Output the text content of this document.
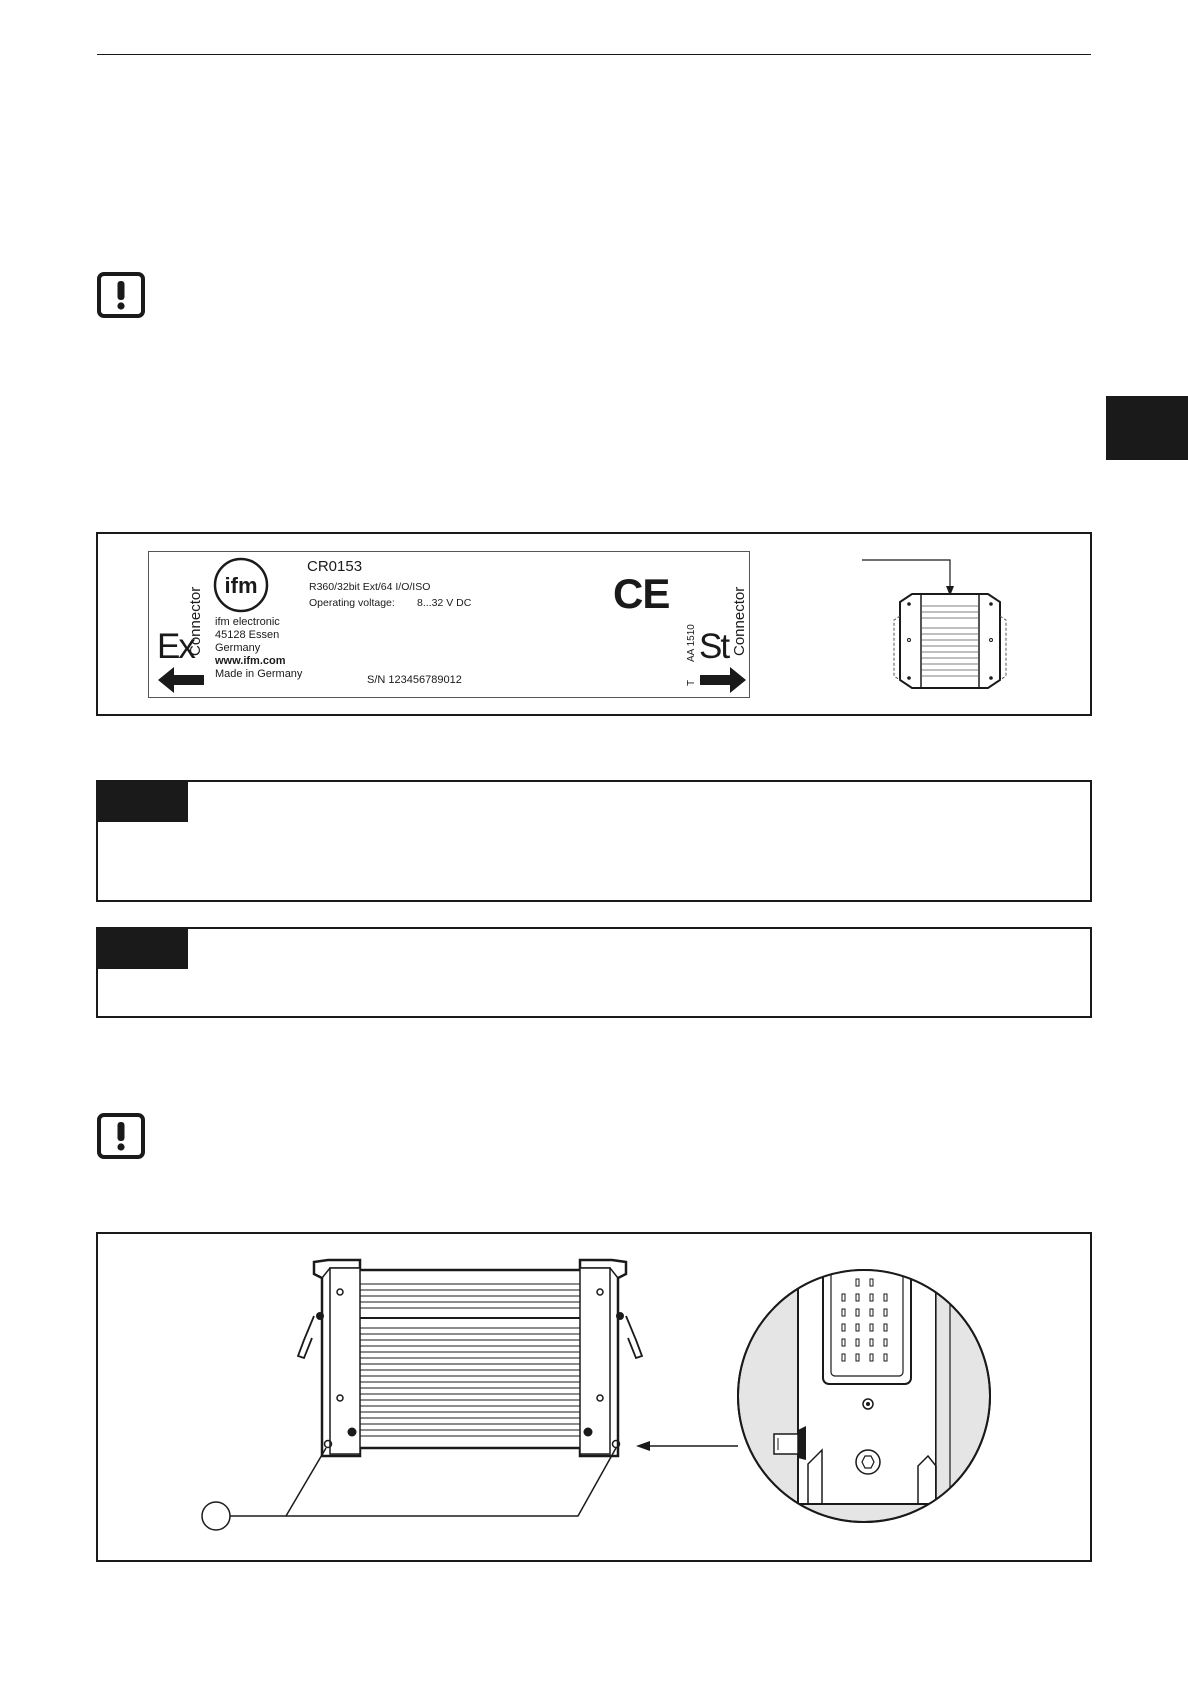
Ex
Connector
ifm
ifm electronic
45128 Essen
Germany
www.ifm.com
Made in Germany
CR0153
R360/32bit Ext/64 I/O/ISO
Operating voltage: 8...32 V DC
S/N 123456789012
CE
T
AA 1510 St Connector
